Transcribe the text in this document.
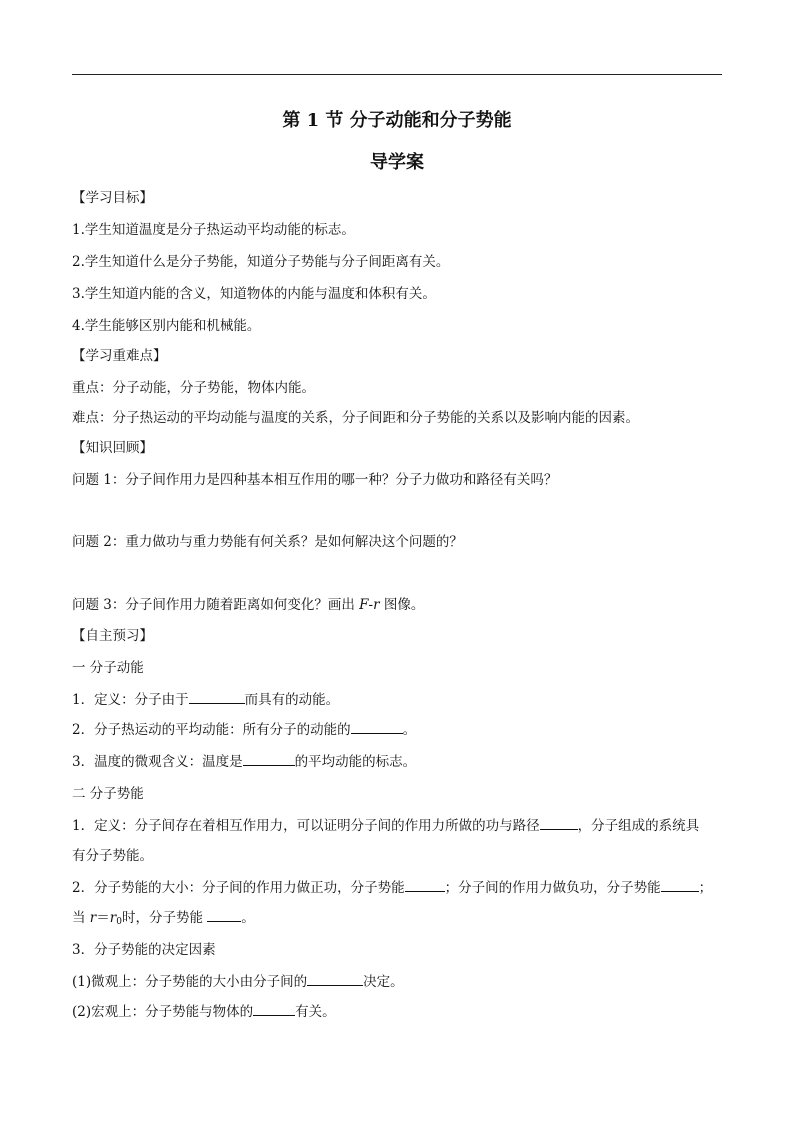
第 1 节 分子动能和分子势能
导学案
【学习目标】
1.学生知道温度是分子热运动平均动能的标志。
2.学生知道什么是分子势能，知道分子势能与分子间距离有关。
3.学生知道内能的含义，知道物体的内能与温度和体积有关。
4.学生能够区别内能和机械能。
【学习重难点】
重点：分子动能，分子势能，物体内能。
难点：分子热运动的平均动能与温度的关系，分子间距和分子势能的关系以及影响内能的因素。
【知识回顾】
问题 1：分子间作用力是四种基本相互作用的哪一种？分子力做功和路径有关吗？
问题 2：重力做功与重力势能有何关系？是如何解决这个问题的？
问题 3：分子间作用力随着距离如何变化？画出 F-r 图像。
【自主预习】
一 分子动能
1．定义：分子由于	而具有的动能。
2．分子热运动的平均动能：所有分子的动能的	。
3．温度的微观含义：温度是	的平均动能的标志。
二 分子势能
1．定义：分子间存在着相互作用力，可以证明分子间的作用力所做的功与路径	，分子组成的系统具
有分子势能。
2．分子势能的大小：分子间的作用力做正功，分子势能	；分子间的作用力做负功，分子势能	；
当 $r=r_0$时，分子势能	。
3．分子势能的决定因素
(1)微观上：分子势能的大小由分子间的	决定。
(2)宏观上：分子势能与物体的	有关。
